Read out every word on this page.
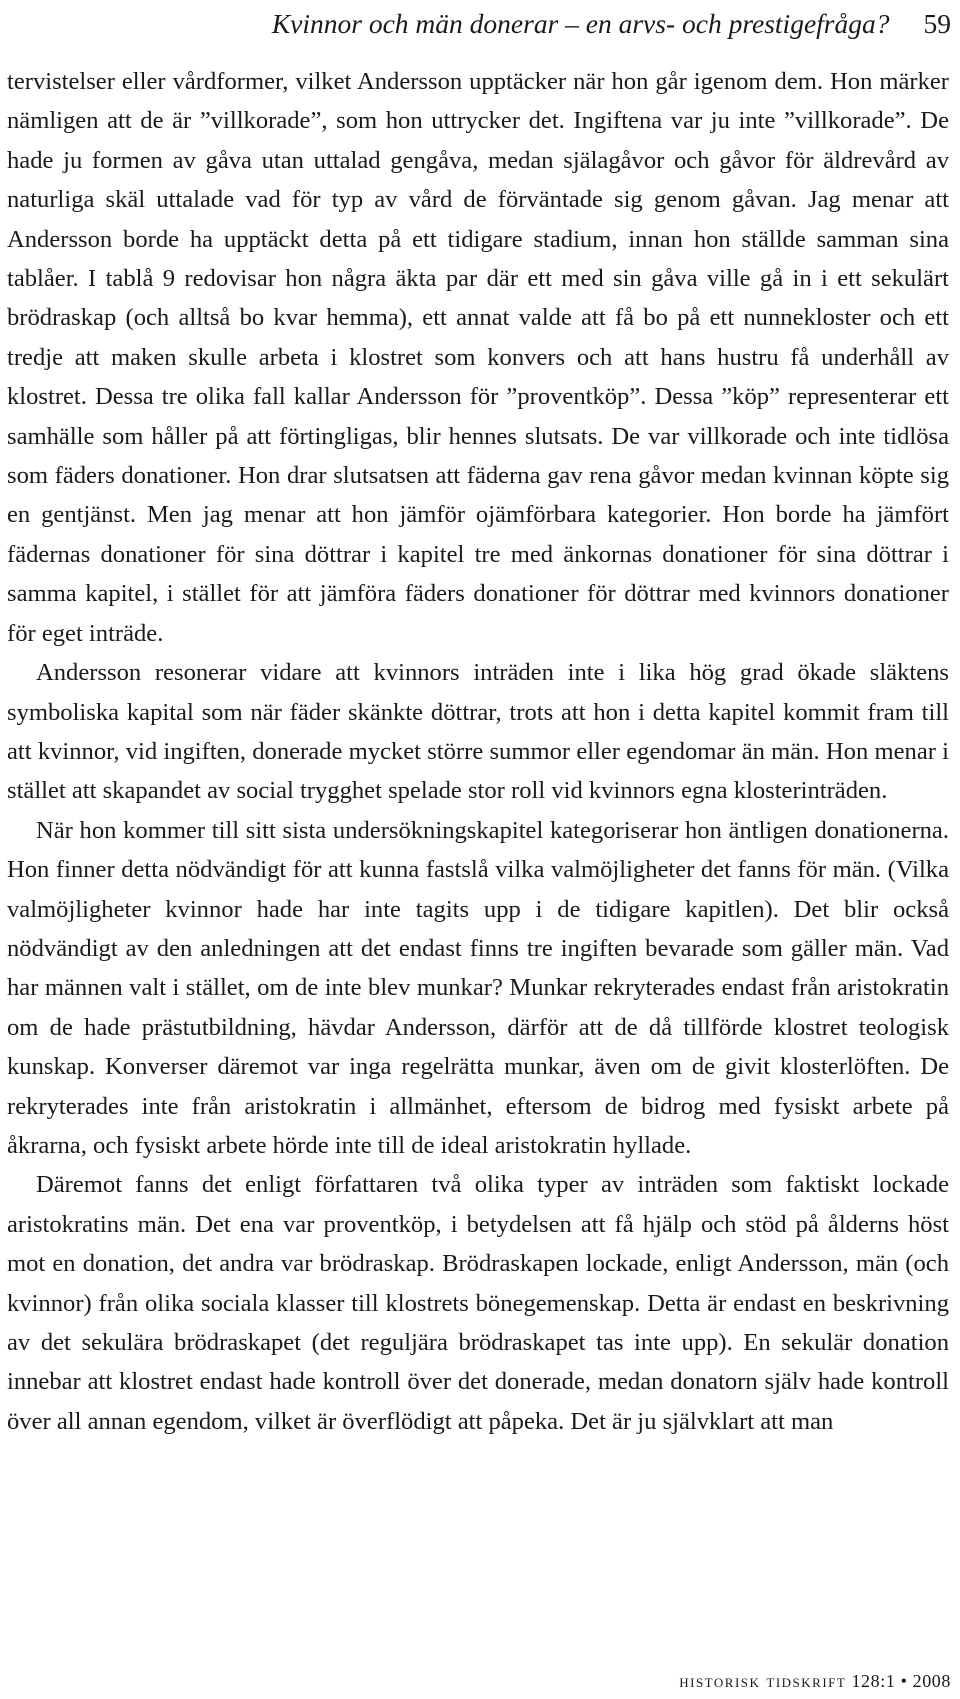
Kvinnor och män donerar – en arvs- och prestigefråga? 59

tervistelser eller vårdformer, vilket Andersson upptäcker när hon går igenom dem. Hon märker nämligen att de är ”villkorade”, som hon uttrycker det. Ingiftena var ju inte ”villkorade”. De hade ju formen av gåva utan uttalad gengåva, medan själagåvor och gåvor för äldrevård av naturliga skäl uttalade vad för typ av vård de förväntade sig genom gåvan. Jag menar att Andersson borde ha upptäckt detta på ett tidigare stadium, innan hon ställde samman sina tablåer. I tablå 9 redovisar hon några äkta par där ett med sin gåva ville gå in i ett sekulärt brödraskap (och alltså bo kvar hemma), ett annat valde att få bo på ett nunnekloster och ett tredje att maken skulle arbeta i klostret som konvers och att hans hustru få underhåll av klostret. Dessa tre olika fall kallar Andersson för ”proventköp”. Dessa ”köp” representerar ett samhälle som håller på att förtingligas, blir hennes slutsats. De var villkorade och inte tidlösa som fäders donationer. Hon drar slutsatsen att fäderna gav rena gåvor medan kvinnan köpte sig en gentjänst. Men jag menar att hon jämför ojämförbara kategorier. Hon borde ha jämfört fädernas donationer för sina döttrar i kapitel tre med änkornas donationer för sina döttrar i samma kapitel, i stället för att jämföra fäders donationer för döttrar med kvinnors donationer för eget inträde.

Andersson resonerar vidare att kvinnors inträden inte i lika hög grad ökade släktens symboliska kapital som när fäder skänkte döttrar, trots att hon i detta kapitel kommit fram till att kvinnor, vid ingiften, donerade mycket större summor eller egendomar än män. Hon menar i stället att skapandet av social trygghet spelade stor roll vid kvinnors egna klosterinträden.

När hon kommer till sitt sista undersökningskapitel kategoriserar hon äntligen donationerna. Hon finner detta nödvändigt för att kunna fastslå vilka valmöjligheter det fanns för män. (Vilka valmöjligheter kvinnor hade har inte tagits upp i de tidigare kapitlen). Det blir också nödvändigt av den anledningen att det endast finns tre ingiften bevarade som gäller män. Vad har männen valt i stället, om de inte blev munkar? Munkar rekryterades endast från aristokratin om de hade prästutbildning, hävdar Andersson, därför att de då tillförde klostret teologisk kunskap. Konverser däremot var inga regelrätta munkar, även om de givit klosterlöften. De rekryterades inte från aristokratin i allmänhet, eftersom de bidrog med fysiskt arbete på åkrarna, och fysiskt arbete hörde inte till de ideal aristokratin hyllade.

Däremot fanns det enligt författaren två olika typer av inträden som faktiskt lockade aristokratins män. Det ena var proventköp, i betydelsen att få hjälp och stöd på ålderns höst mot en donation, det andra var brödraskap. Brödraskapen lockade, enligt Andersson, män (och kvinnor) från olika sociala klasser till klostrets bönegemenskap. Detta är endast en beskrivning av det sekulära brödraskapet (det reguljära brödraskapet tas inte upp). En sekulär donation innebar att klostret endast hade kontroll över det donerade, medan donatorn själv hade kontroll över all annan egendom, vilket är överflödigt att påpeka. Det är ju självklart att man

historisk tidskrift 128:1 • 2008
